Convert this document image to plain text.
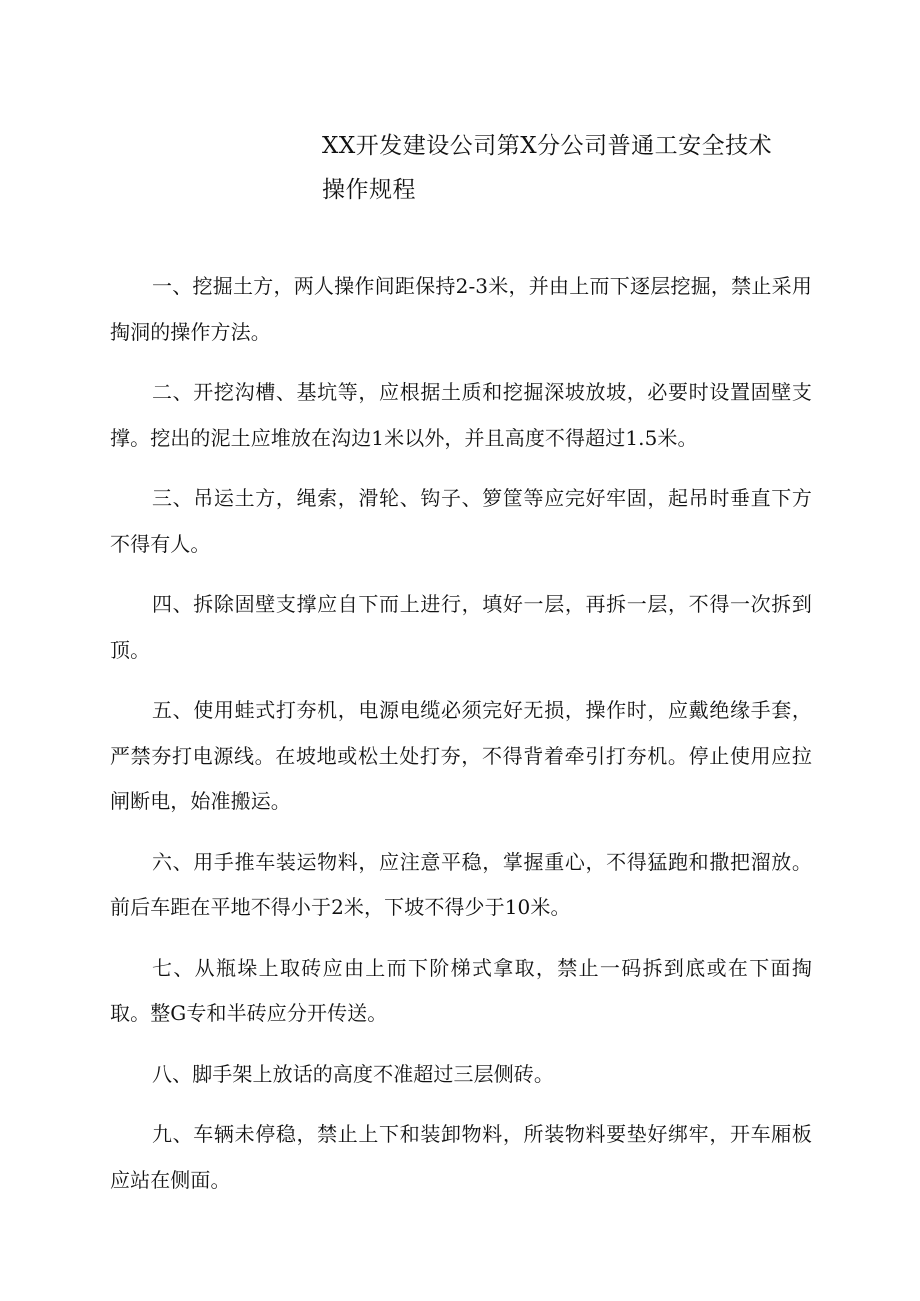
XX开发建设公司第X分公司普通工安全技术
操作规程

一、挖掘土方，两人操作间距保持2-3米，并由上而下逐层挖掘，禁止采用掏洞的操作方法。

二、开挖沟槽、基坑等，应根据土质和挖掘深坡放坡，必要时设置固壁支撑。挖出的泥土应堆放在沟边1米以外，并且高度不得超过1.5米。

三、吊运土方，绳索，滑轮、钩子、箩筐等应完好牢固，起吊时垂直下方不得有人。

四、拆除固壁支撑应自下而上进行，填好一层，再拆一层，不得一次拆到顶。

五、使用蛙式打夯机，电源电缆必须完好无损，操作时，应戴绝缘手套，严禁夯打电源线。在坡地或松土处打夯，不得背着牵引打夯机。停止使用应拉闸断电，始准搬运。

六、用手推车装运物料，应注意平稳，掌握重心，不得猛跑和撒把溜放。前后车距在平地不得小于2米，下坡不得少于10米。

七、从瓶垛上取砖应由上而下阶梯式拿取，禁止一码拆到底或在下面掏取。整G专和半砖应分开传送。

八、脚手架上放话的高度不准超过三层侧砖。

九、车辆未停稳，禁止上下和装卸物料，所装物料要垫好绑牢，开车厢板应站在侧面。
